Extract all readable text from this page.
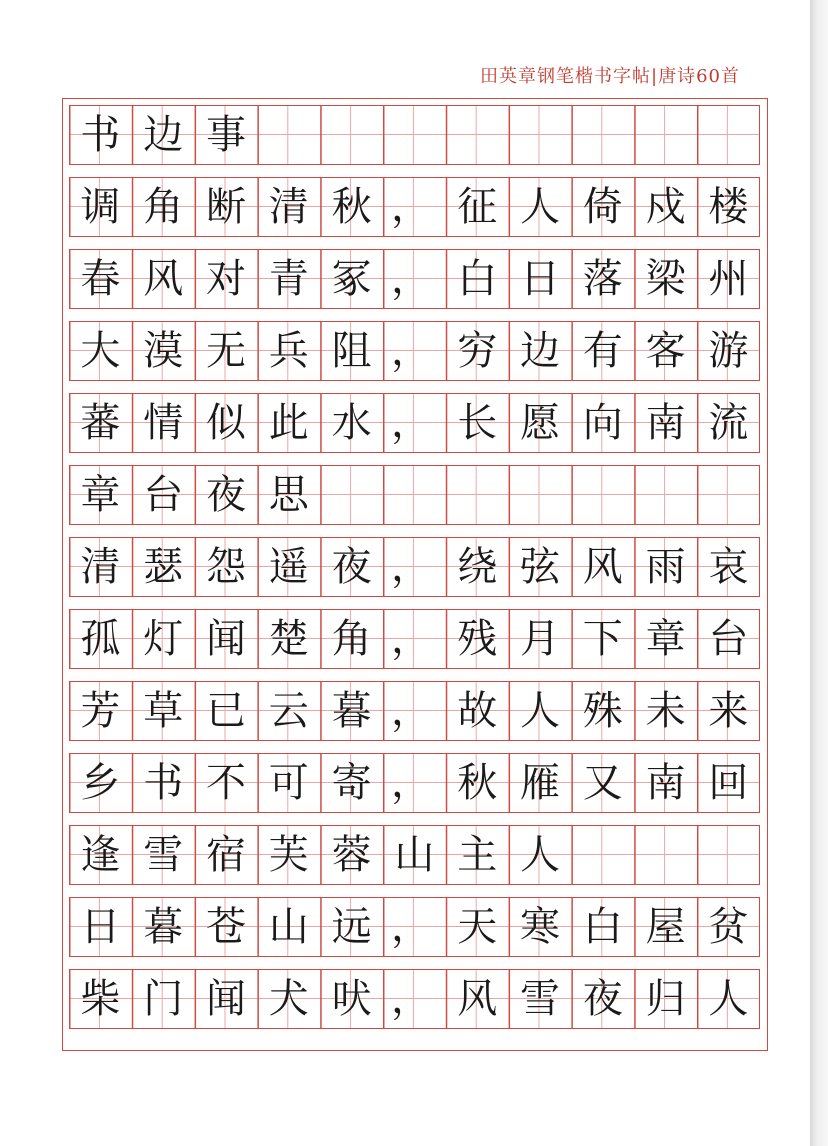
田英章钢笔楷书字帖|唐诗60首
书 边 事
调 角 断 清 秋 ， 征 人 倚 戍 楼
春 风 对 青 冢 ， 白 日 落 梁 州
大 漠 无 兵 阻 ， 穷 边 有 客 游
蕃 情 似 此 水 ， 长 愿 向 南 流
章 台 夜 思
清 瑟 怨 遥 夜 ， 绕 弦 风 雨 哀
孤 灯 闻 楚 角 ， 残 月 下 章 台
芳 草 已 云 暮 ， 故 人 殊 未 来
乡 书 不 可 寄 ， 秋 雁 又 南 回
逢 雪 宿 芙 蓉 山 主 人
日 暮 苍 山 远 ， 天 寒 白 屋 贫
柴 门 闻 犬 吠 ， 风 雪 夜 归 人
